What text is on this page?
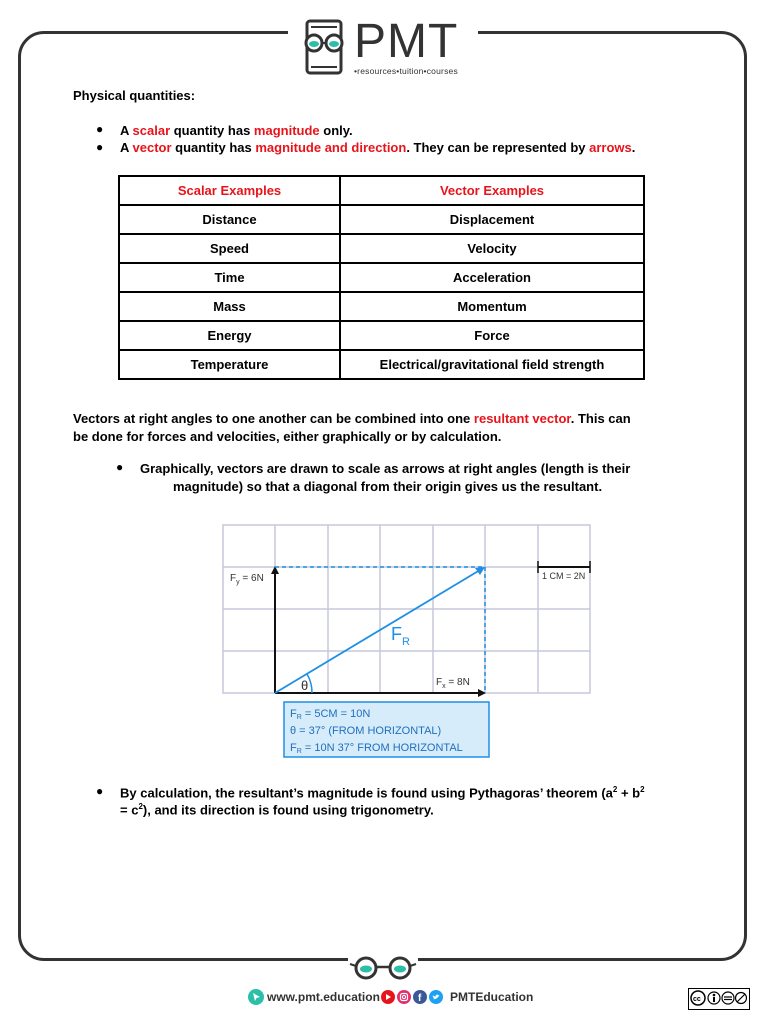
PMT
•resources•tuition•courses
Physical quantities:
● A scalar quantity has magnitude only.
● A vector quantity has magnitude and direction. They can be represented by arrows.
Vectors at right angles to one another can be combined into one resultant vector. This can
be done for forces and velocities, either graphically or by calculation.
● Graphically, vectors are drawn to scale as arrows at right angles (length is their
magnitude) so that a diagonal from their origin gives us the resultant.
● By calculation, the resultant’s magnitude is found using Pythagoras’ theorem ($a^2 + b^2$
= $c^2$), and its direction is found using trigonometry.
Scalar Examples	Vector Examples
Distance	Displacement
Speed	Velocity
Time	Acceleration
Mass	Momentum
Energy	Force
Temperature	Electrical/gravitational field strength
θ
$F_y = 6N$
$F_x = 8N$
$F_R$
1 CM = 2N
FR = 5CM = 10N
θ = 37° (FROM HORIZONTAL)
FR = 10N 37° FROM HORIZONTAL
www.pmt.education	f PMTEducation	cc
